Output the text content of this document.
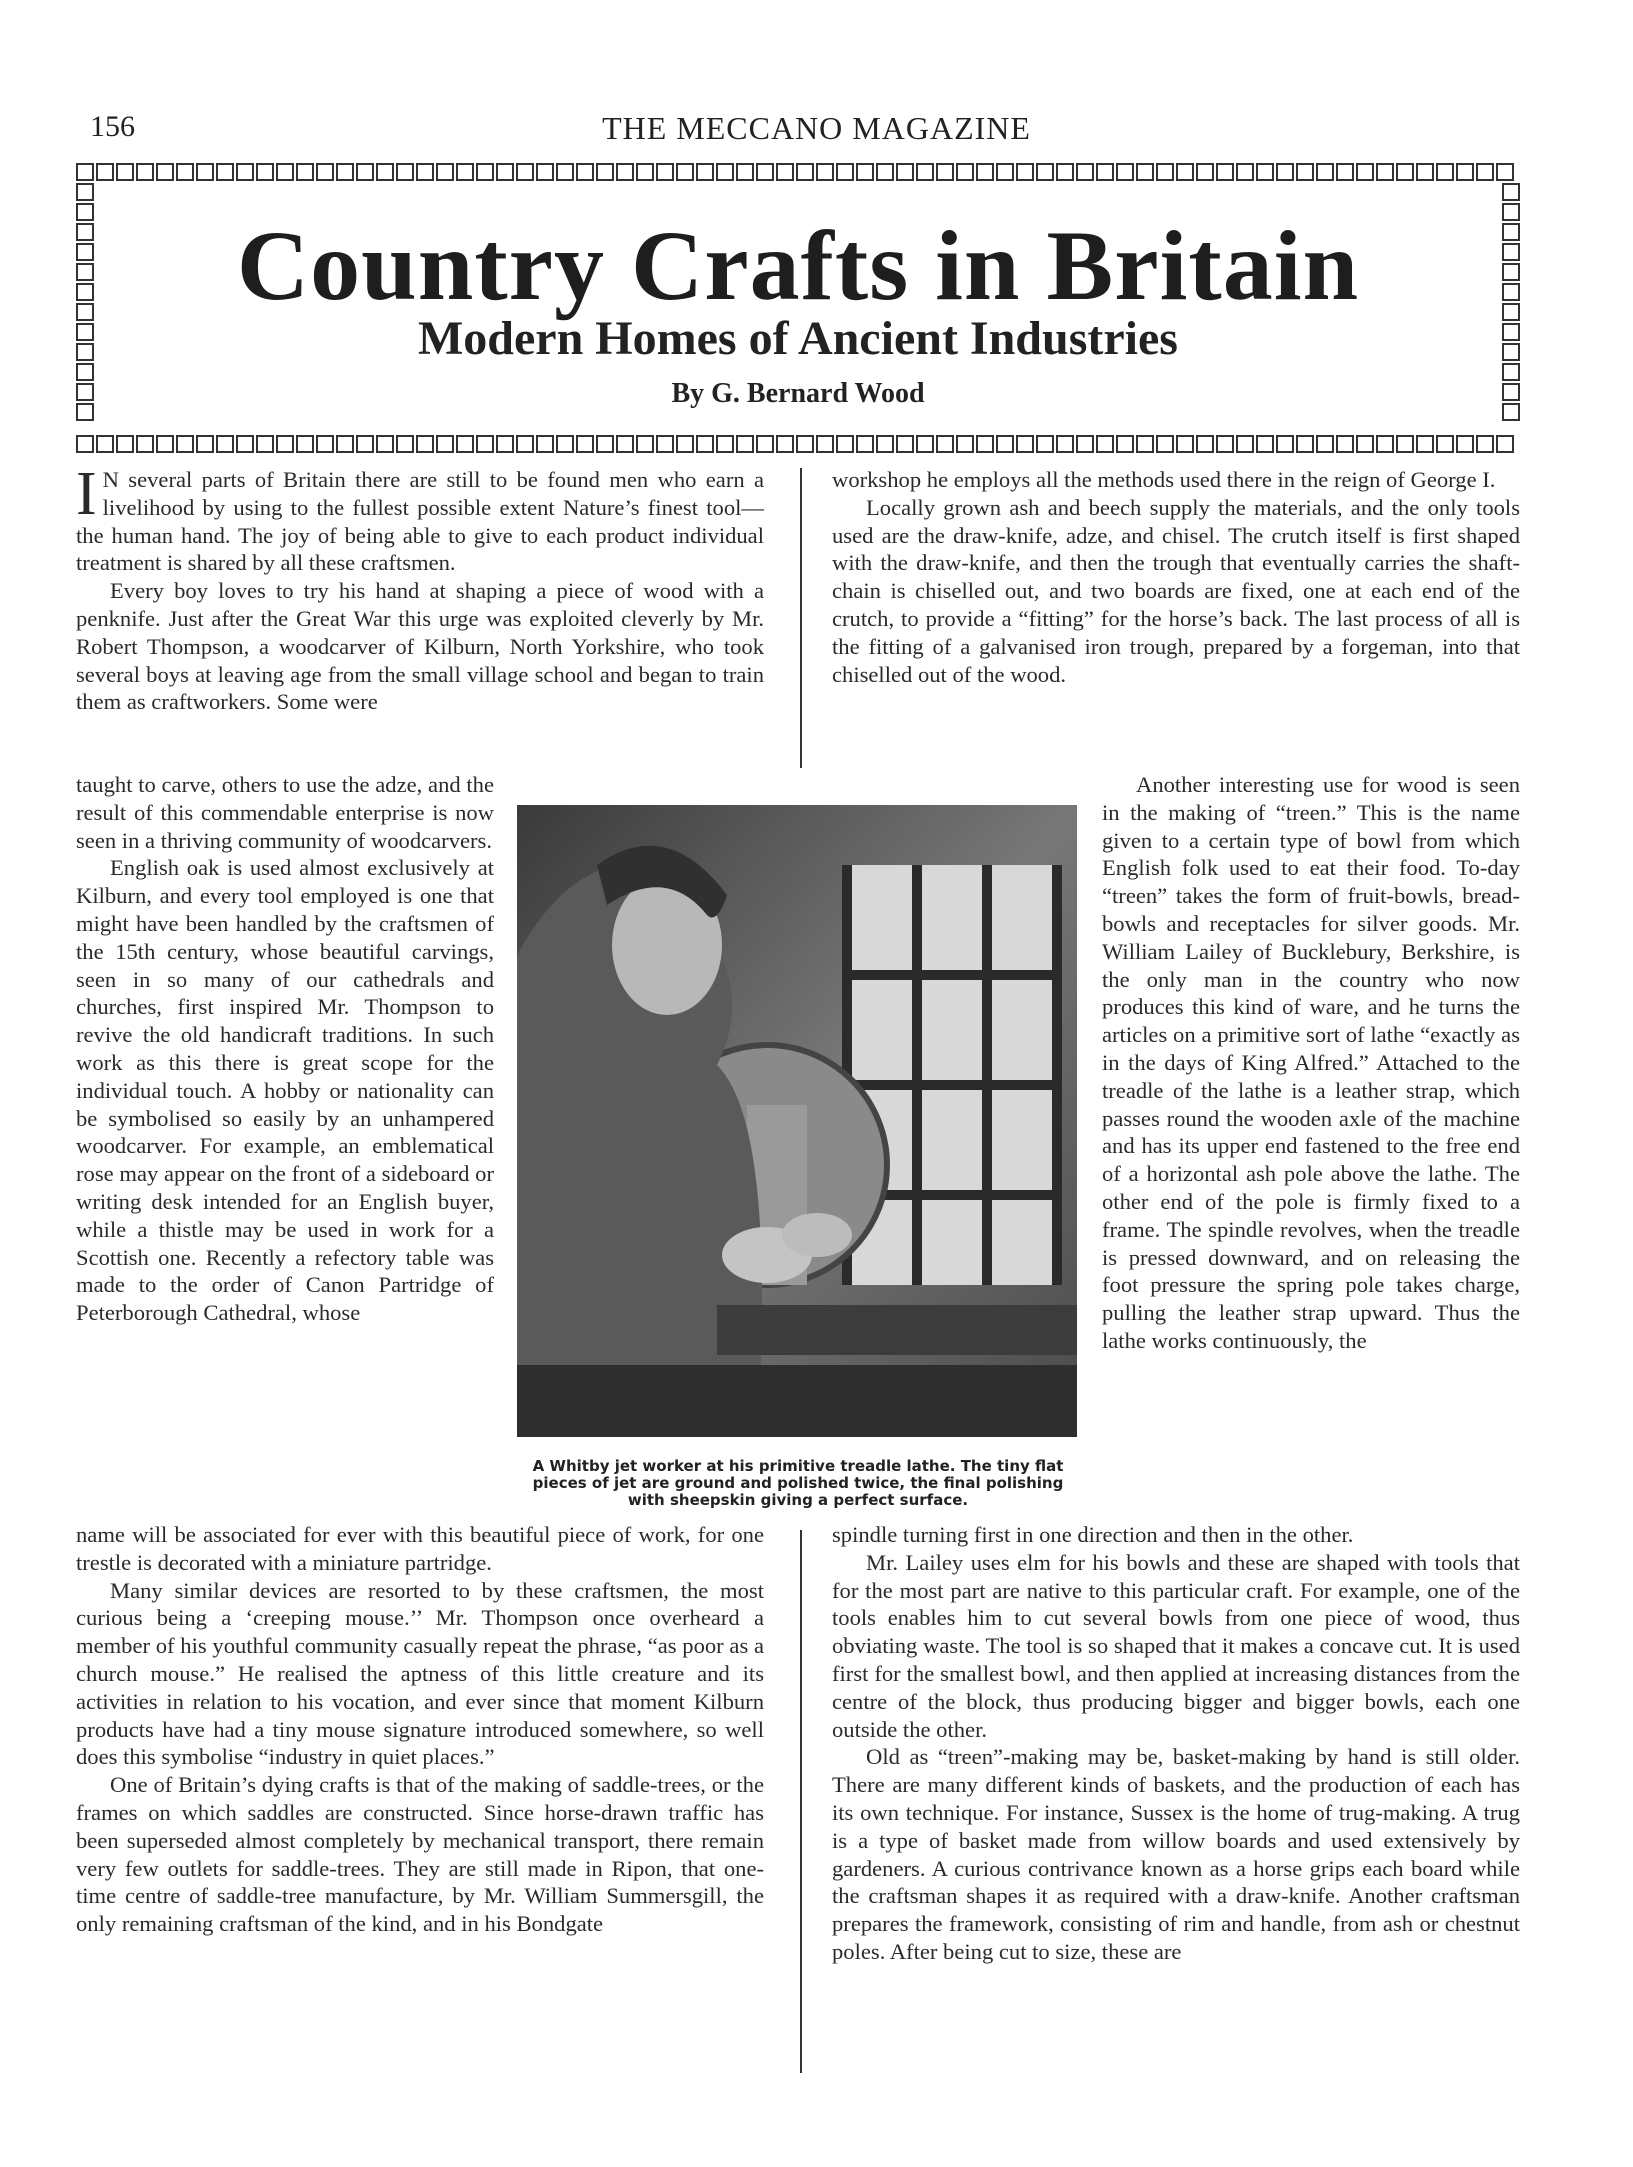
156	THE MECCANO MAGAZINE
Country Crafts in Britain
Modern Homes of Ancient Industries
By G. Bernard Wood

I N several parts of Britain there are still to be found men who earn a livelihood by using to the fullest possible extent Nature’s finest tool—the human hand. The joy of being able to give to each product individual treatment is shared by all these craftsmen.

Every boy loves to try his hand at shaping a piece of wood with a penknife. Just after the Great War this urge was exploited cleverly by Mr. Robert Thompson, a woodcarver of Kilburn, North Yorkshire, who took several boys at leaving age from the small village school and began to train them as craftworkers. Some were

taught to carve, others to use the adze, and the result of this commendable enterprise is now seen in a thriving community of woodcarvers.

English oak is used almost exclusively at Kilburn, and every tool employed is one that might have been handled by the craftsmen of the 15th century, whose beautiful carvings, seen in so many of our cathedrals and churches, first inspired Mr. Thompson to revive the old handicraft traditions. In such work as this there is great scope for the individual touch. A hobby or nationality can be symbolised so easily by an unhampered woodcarver. For example, an emblematical rose may appear on the front of a sideboard or writing desk intended for an English buyer, while a thistle may be used in work for a Scottish one. Recently a refectory table was made to the order of Canon Partridge of Peterborough Cathedral, whose

name will be associated for ever with this beautiful piece of work, for one trestle is decorated with a miniature partridge.

Many similar devices are resorted to by these craftsmen, the most curious being a ‘creeping mouse.’’ Mr. Thompson once overheard a member of his youthful community casually repeat the phrase, “as poor as a church mouse.” He realised the aptness of this little creature and its activities in relation to his vocation, and ever since that moment Kilburn products have had a tiny mouse signature introduced somewhere, so well does this symbolise “industry in quiet places.”

One of Britain’s dying crafts is that of the making of saddle-trees, or the frames on which saddles are constructed. Since horse-drawn traffic has been superseded almost completely by mechanical transport, there remain very few outlets for saddle-trees. They are still made in Ripon, that one-time centre of saddle-tree manufacture, by Mr. William Summersgill, the only remaining craftsman of the kind, and in his Bondgate

workshop he employs all the methods used there in the reign of George I.

Locally grown ash and beech supply the materials, and the only tools used are the draw-knife, adze, and chisel. The crutch itself is first shaped with the draw-knife, and then the trough that eventually carries the shaft-chain is chiselled out, and two boards are fixed, one at each end of the crutch, to provide a “fitting” for the horse’s back. The last process of all is the fitting of a galvanised iron trough, prepared by a forgeman, into that chiselled out of the wood.

Another interesting use for wood is seen in the making of “treen.” This is the name given to a certain type of bowl from which English folk used to eat their food. To-day “treen” takes the form of fruit-bowls, bread-bowls and receptacles for silver goods. Mr. William Lailey of Bucklebury, Berkshire, is the only man in the country who now produces this kind of ware, and he turns the articles on a primitive sort of lathe “exactly as in the days of King Alfred.” Attached to the treadle of the lathe is a leather strap, which passes round the wooden axle of the machine and has its upper end fastened to the free end of a horizontal ash pole above the lathe. The other end of the pole is firmly fixed to a frame. The spindle revolves, when the treadle is pressed downward, and on releasing the foot pressure the spring pole takes charge, pulling the leather strap upward. Thus the lathe works continuously, the

spindle turning first in one direction and then in the other.

Mr. Lailey uses elm for his bowls and these are shaped with tools that for the most part are native to this particular craft. For example, one of the tools enables him to cut several bowls from one piece of wood, thus obviating waste. The tool is so shaped that it makes a concave cut. It is used first for the smallest bowl, and then applied at increasing distances from the centre of the block, thus producing bigger and bigger bowls, each one outside the other.

Old as “treen”-making may be, basket-making by hand is still older. There are many different kinds of baskets, and the production of each has its own technique. For instance, Sussex is the home of trug-making. A trug is a type of basket made from willow boards and used extensively by gardeners. A curious contrivance known as a horse grips each board while the craftsman shapes it as required with a draw-knife. Another craftsman prepares the framework, consisting of rim and handle, from ash or chestnut poles. After being cut to size, these are

A Whitby jet worker at his primitive treadle lathe. The tiny flat pieces of jet are ground and polished twice, the final polishing with sheepskin giving a perfect surface.
